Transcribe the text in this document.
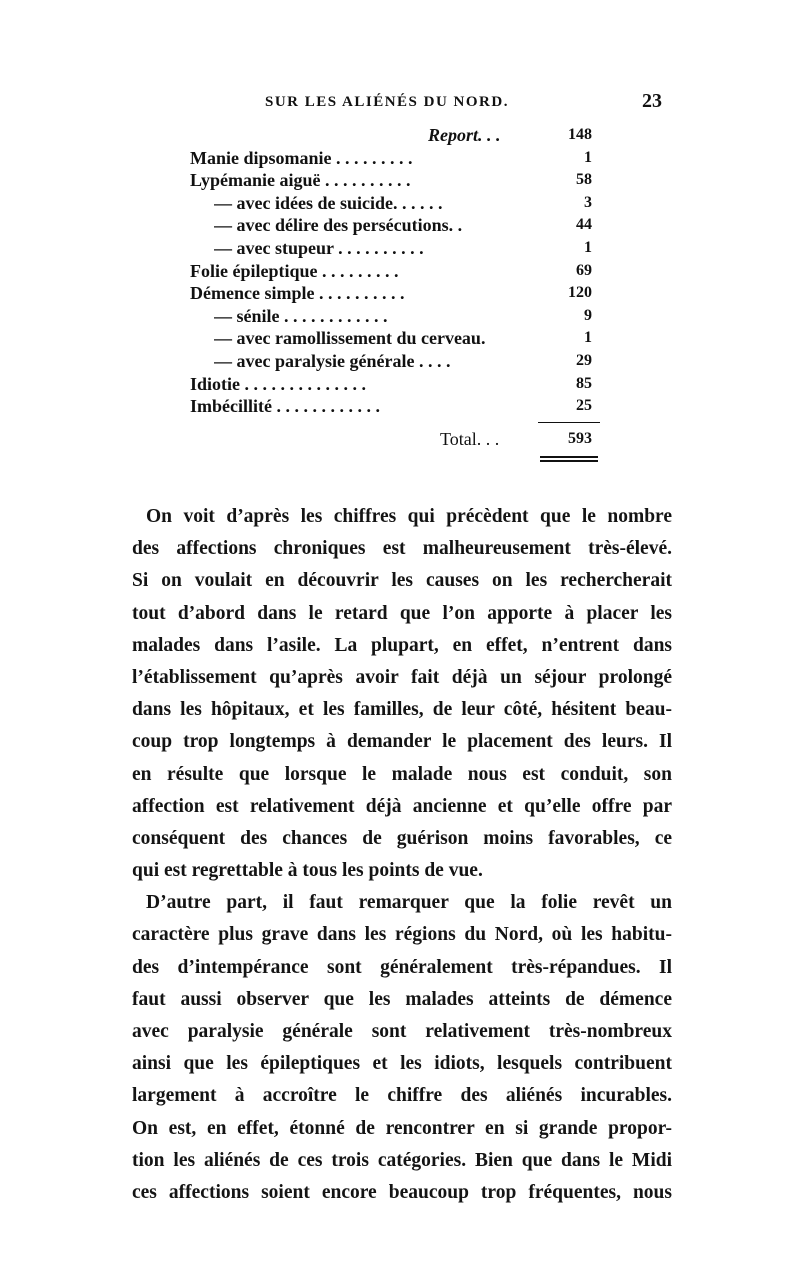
SUR LES ALIÉNÉS DU NORD.	23
Report. . .	148
Manie dipsomanie . . . . . . . . .	1
Lypémanie aiguë . . . . . . . . . .	58
— avec idées de suicide. . . . . .	3
— avec délire des persécutions. .	44
— avec stupeur . . . . . . . . . .	1
Folie épileptique . . . . . . . . .	69
Démence simple . . . . . . . . . .	120
— sénile . . . . . . . . . . . .	9
— avec ramollissement du cerveau.	1
— avec paralysie générale . . . .	29
Idiotie . . . . . . . . . . . . . .	85
Imbécillité . . . . . . . . . . . .	25
Total. . .	593
On voit d’après les chiffres qui précèdent que le nombre
des affections chroniques est malheureusement très-élevé.
Si on voulait en découvrir les causes on les rechercherait
tout d’abord dans le retard que l’on apporte à placer les
malades dans l’asile. La plupart, en effet, n’entrent dans
l’établissement qu’après avoir fait déjà un séjour prolongé
dans les hôpitaux, et les familles, de leur côté, hésitent beau-
coup trop longtemps à demander le placement des leurs. Il
en résulte que lorsque le malade nous est conduit, son
affection est relativement déjà ancienne et qu’elle offre par
conséquent des chances de guérison moins favorables, ce
qui est regrettable à tous les points de vue.
D’autre part, il faut remarquer que la folie revêt un
caractère plus grave dans les régions du Nord, où les habitu-
des d’intempérance sont généralement très-répandues. Il
faut aussi observer que les malades atteints de démence
avec paralysie générale sont relativement très-nombreux
ainsi que les épileptiques et les idiots, lesquels contribuent
largement à accroître le chiffre des aliénés incurables.
On est, en effet, étonné de rencontrer en si grande propor-
tion les aliénés de ces trois catégories. Bien que dans le Midi
ces affections soient encore beaucoup trop fréquentes, nous
